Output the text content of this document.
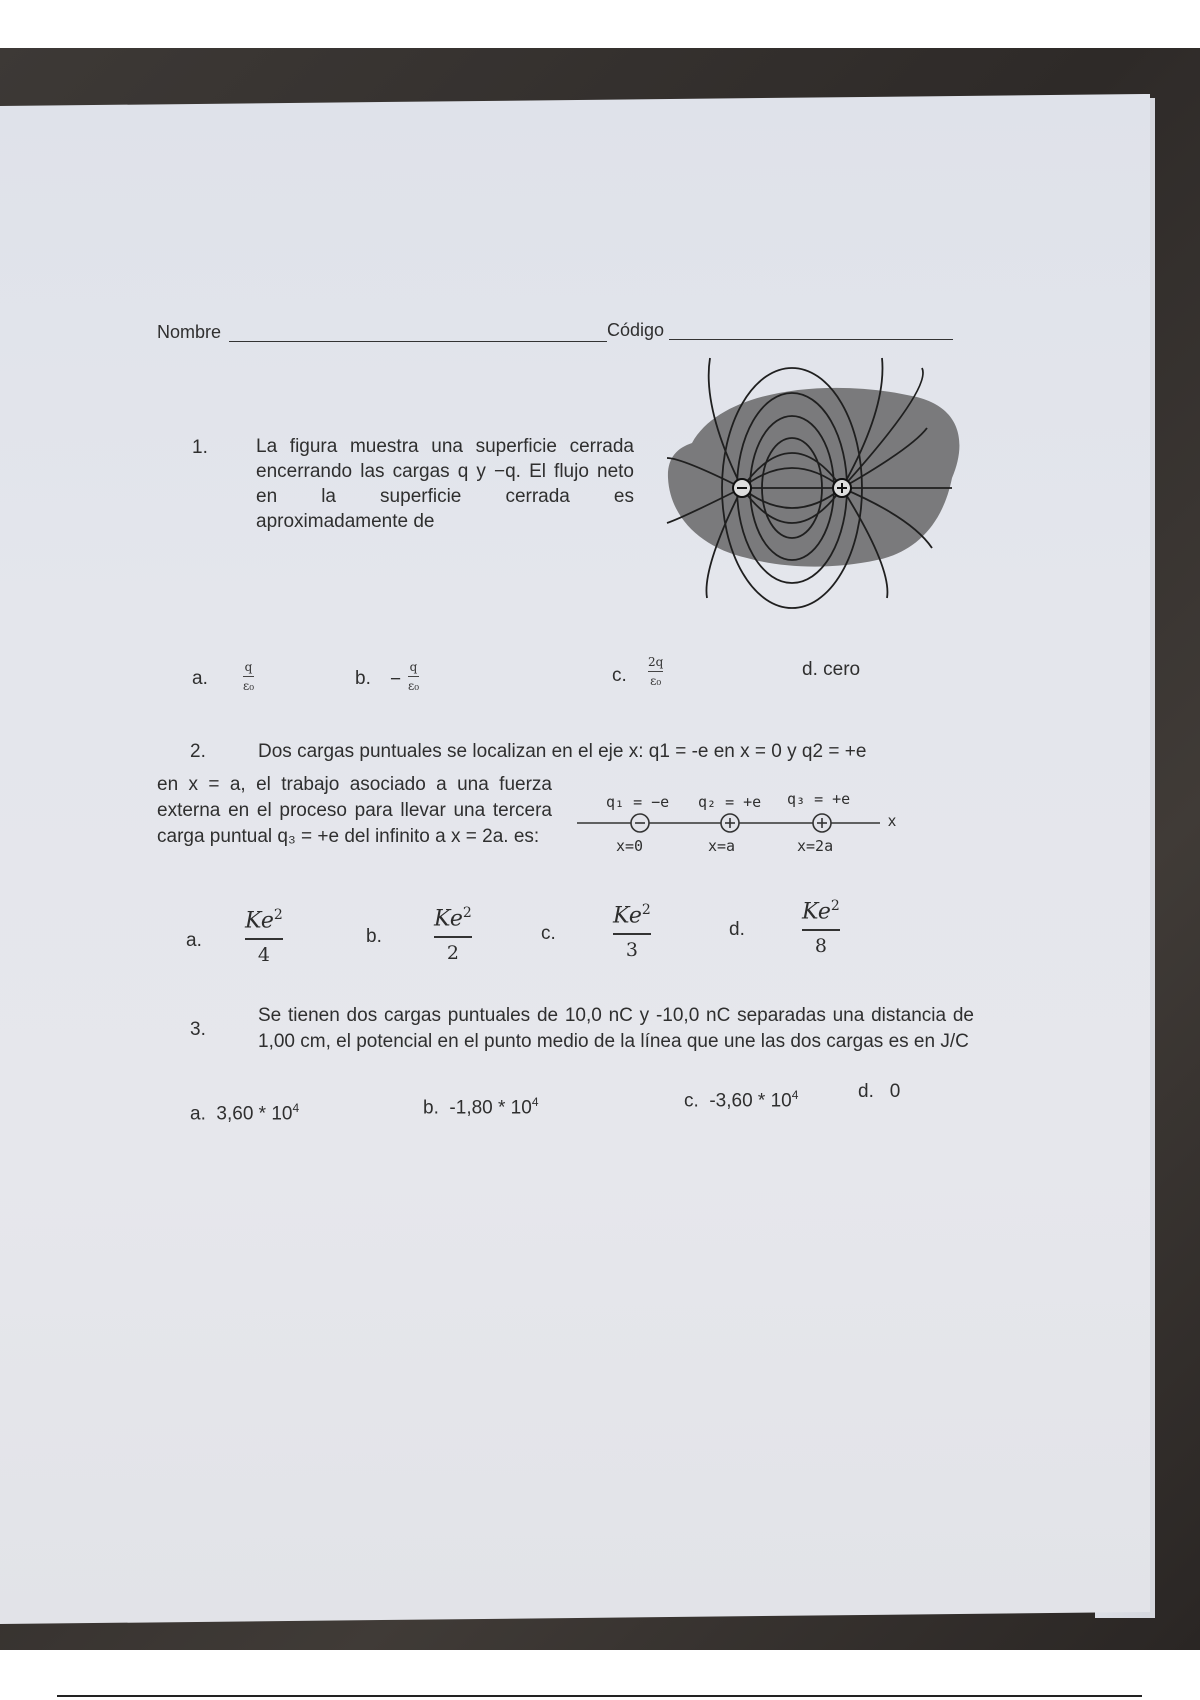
Nombre	Código
1.	La figura muestra una superficie cerrada encerrando las cargas q y −q. El flujo neto en la superficie cerrada es aproximadamente de
a.
q
ε₀	b. −
q
ε₀	c.
2q
ε₀
d. cero
2.	Dos cargas puntuales se localizan en el eje x: q1 = -e en x = 0 y q2 = +e
en x = a, el trabajo asociado a una fuerza externa en el proceso para llevar una tercera carga puntual q₃ = +e del infinito a x = 2a. es:
q₁ = −e q₂ = +e q₃ = +e
x
x=0	x=a	x=2a
a.
Ke$^2$
4
b.
Ke$^2$
2
c.
Ke$^2$
3
d.
Ke$^2$
8
3.
Se tienen dos cargas puntuales de 10,0 nC y -10,0 nC separadas una distancia de 1,00 cm, el potencial en el punto medio de la línea que une las dos cargas es en J/C
a. $3,60 * 10^4$	b. $-1,80 * 10^4$	c. $-3,60 * 10^4$	d. 0
